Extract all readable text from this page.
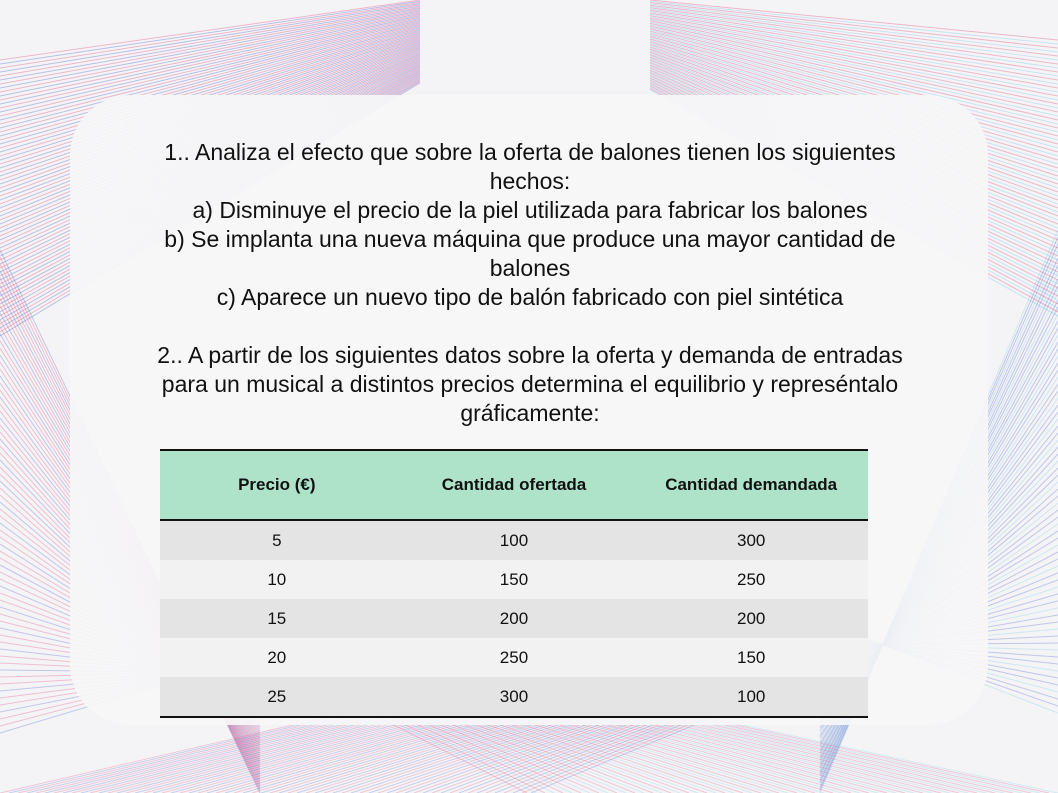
1.. Analiza el efecto que sobre la oferta de balones tienen los siguientes
hechos:
a) Disminuye el precio de la piel utilizada para fabricar los balones
b) Se implanta una nueva máquina que produce una mayor cantidad de
balones
c) Aparece un nuevo tipo de balón fabricado con piel sintética
2.. A partir de los siguientes datos sobre la oferta y demanda de entradas
para un musical a distintos precios determina el equilibrio y represéntalo
gráficamente:
Precio (€)	Cantidad ofertada	Cantidad demandada
5	100	300
10	150	250
15	200	200
20	250	150
25	300	100
